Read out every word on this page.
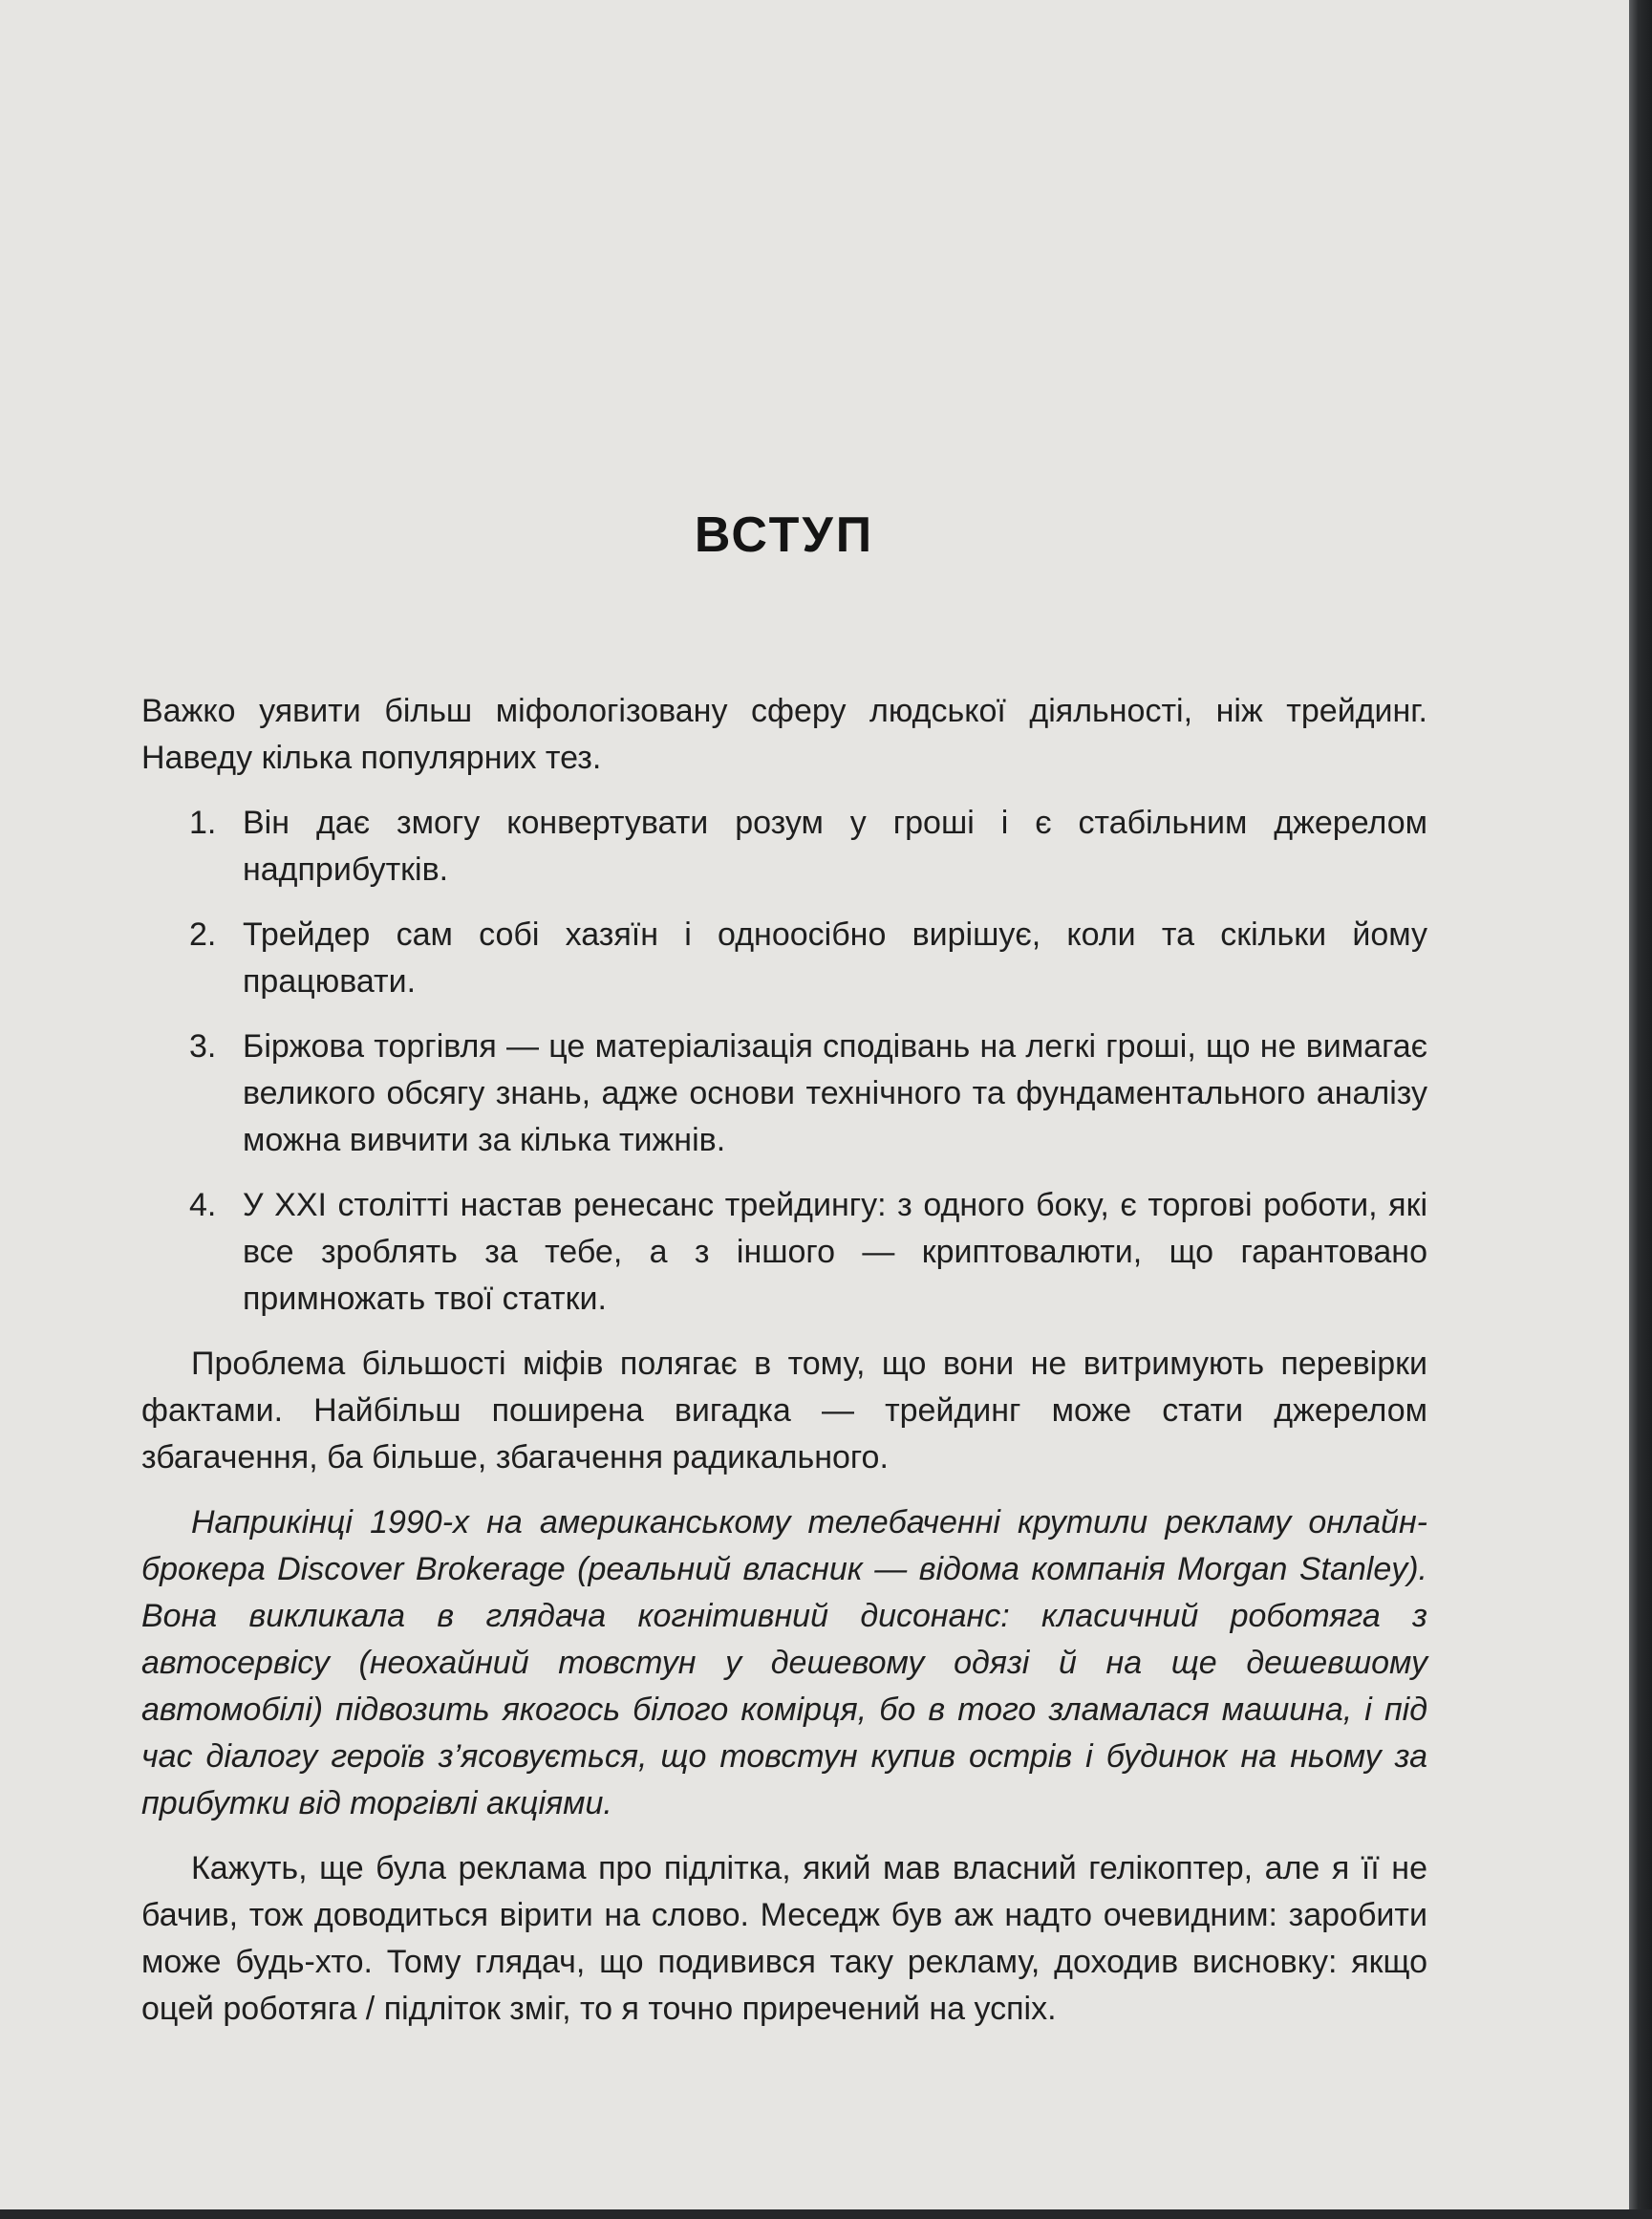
ВСТУП

Важко уявити більш міфологізовану сферу людської діяльності, ніж трейдинг. Наведу кілька популярних тез.

1. Він дає змогу конвертувати розум у гроші і є стабільним джерелом надприбутків.
2. Трейдер сам собі хазяїн і одноосібно вирішує, коли та скільки йому працювати.
3. Біржова торгівля — це матеріалізація сподівань на легкі гроші, що не вимагає великого обсягу знань, адже основи технічного та фундаментального аналізу можна вивчити за кілька тижнів.
4. У XXI столітті настав ренесанс трейдингу: з одного боку, є торгові роботи, які все зроблять за тебе, а з іншого — криптовалюти, що гарантовано примножать твої статки.

Проблема більшості міфів полягає в тому, що вони не витримують перевірки фактами. Найбільш поширена вигадка — трейдинг може стати джерелом збагачення, ба більше, збагачення радикального.

Наприкінці 1990-х на американському телебаченні крутили рекламу онлайн-брокера Discover Brokerage (реальний власник — відома компанія Morgan Stanley). Вона викликала в глядача когнітивний дисонанс: класичний роботяга з автосервісу (неохайний товстун у дешевому одязі й на ще дешевшому автомобілі) підвозить якогось білого комірця, бо в того зламалася машина, і під час діалогу героїв з’ясовується, що товстун купив острів і будинок на ньому за прибутки від торгівлі акціями.

Кажуть, ще була реклама про підлітка, який мав власний гелікоптер, але я її не бачив, тож доводиться вірити на слово. Меседж був аж надто очевидним: заробити може будь-хто. Тому глядач, що подивився таку рекламу, доходив висновку: якщо оцей роботяга / підліток зміг, то я точно приречений на успіх.
